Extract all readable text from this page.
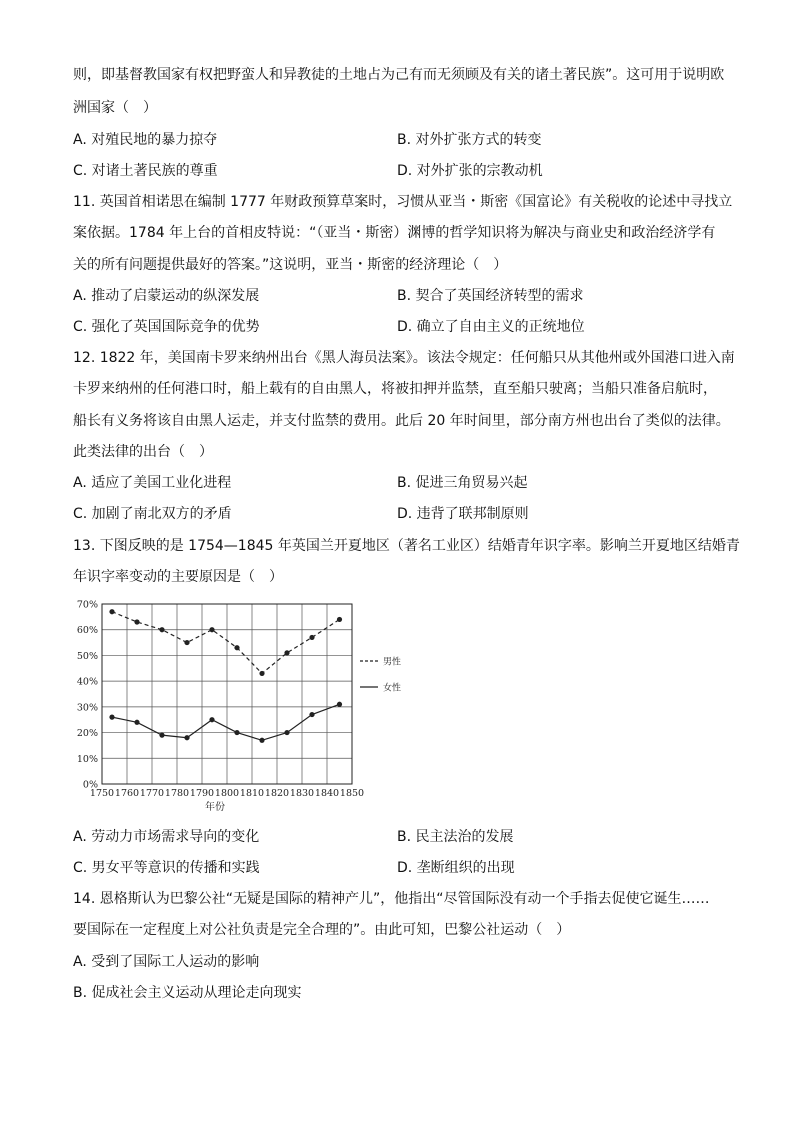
则，即基督教国家有权把野蛮人和异教徒的土地占为己有而无须顾及有关的诸土著民族”。这可用于说明欧
洲国家（　）
A. 对殖民地的暴力掠夺	B. 对外扩张方式的转变
C. 对诸土著民族的尊重	D. 对外扩张的宗教动机
11. 英国首相诺思在编制 1777 年财政预算草案时，习惯从亚当・斯密《国富论》有关税收的论述中寻找立
案依据。1784 年上台的首相皮特说：“（亚当・斯密）渊博的哲学知识将为解决与商业史和政治经济学有
关的所有问题提供最好的答案。”这说明，亚当・斯密的经济理论（　）
A. 推动了启蒙运动的纵深发展	B. 契合了英国经济转型的需求
C. 强化了英国国际竞争的优势	D. 确立了自由主义的正统地位
12. 1822 年，美国南卡罗来纳州出台《黑人海员法案》。该法令规定：任何船只从其他州或外国港口进入南
卡罗来纳州的任何港口时，船上载有的自由黑人，将被扣押并监禁，直至船只驶离；当船只准备启航时，
船长有义务将该自由黑人运走，并支付监禁的费用。此后 20 年时间里，部分南方州也出台了类似的法律。
此类法律的出台（　）
A. 适应了美国工业化进程	B. 促进三角贸易兴起
C. 加剧了南北双方的矛盾	D. 违背了联邦制原则
13. 下图反映的是 1754—1845 年英国兰开夏地区（著名工业区）结婚青年识字率。影响兰开夏地区结婚青
年识字率变动的主要原因是（　）
1750 1760 1770 1780 1790 1800 1810 1820 1830 1840 1850
0%
10%
20%
30%
40%
50%
60%
70%
男性
女性
年份
A. 劳动力市场需求导向的变化	B. 民主法治的发展
C. 男女平等意识的传播和实践	D. 垄断组织的出现
14. 恩格斯认为巴黎公社“无疑是国际的精神产儿”，他指出“尽管国际没有动一个手指去促使它诞生……
要国际在一定程度上对公社负责是完全合理的”。由此可知，巴黎公社运动（　）
A. 受到了国际工人运动的影响
B. 促成社会主义运动从理论走向现实
